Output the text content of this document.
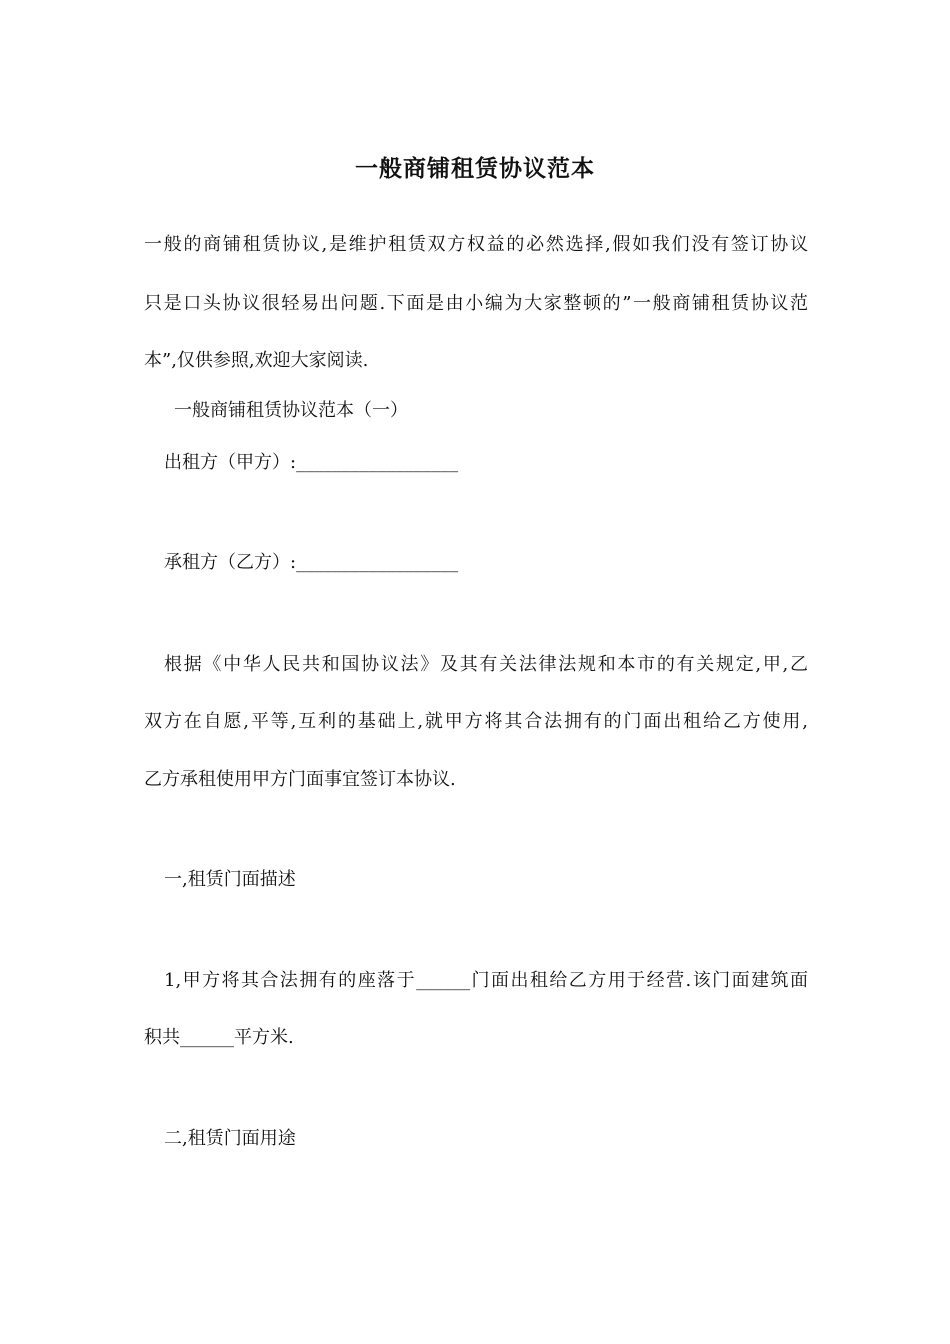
一般商铺租赁协议范本
一般的商铺租赁协议,是维护租赁双方权益的必然选择,假如我们没有签订协议
只是口头协议很轻易出问题.下面是由小编为大家整顿的”一般商铺租赁协议范
本”,仅供参照,欢迎大家阅读.
一般商铺租赁协议范本（一）
出租方（甲方）:__________________
承租方（乙方）:__________________
根据《中华人民共和国协议法》及其有关法律法规和本市的有关规定,甲,乙
双方在自愿,平等,互利的基础上,就甲方将其合法拥有的门面出租给乙方使用,
乙方承租使用甲方门面事宜签订本协议.
一,租赁门面描述
1,甲方将其合法拥有的座落于______门面出租给乙方用于经营.该门面建筑面
积共______平方米.
二,租赁门面用途
